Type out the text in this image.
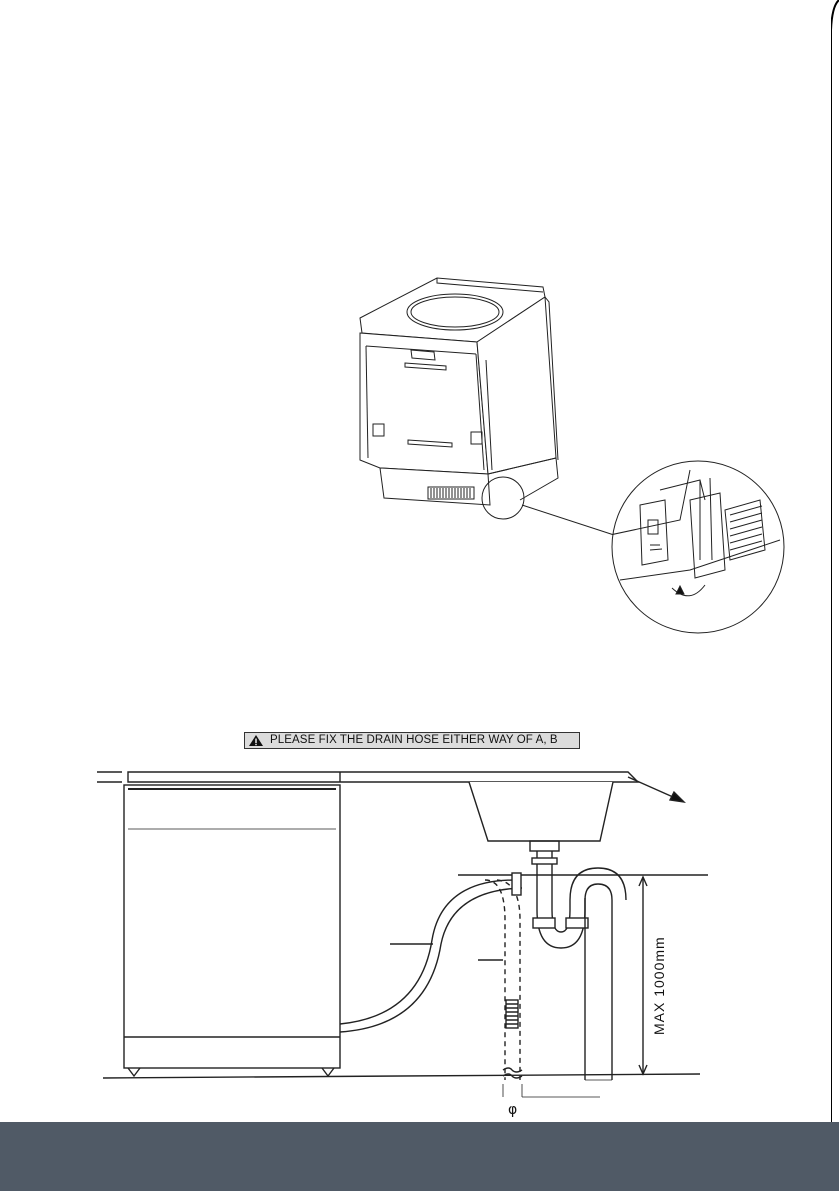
MAX 1000mm
φ
PLEASE FIX THE DRAIN HOSE EITHER WAY OF A, B
